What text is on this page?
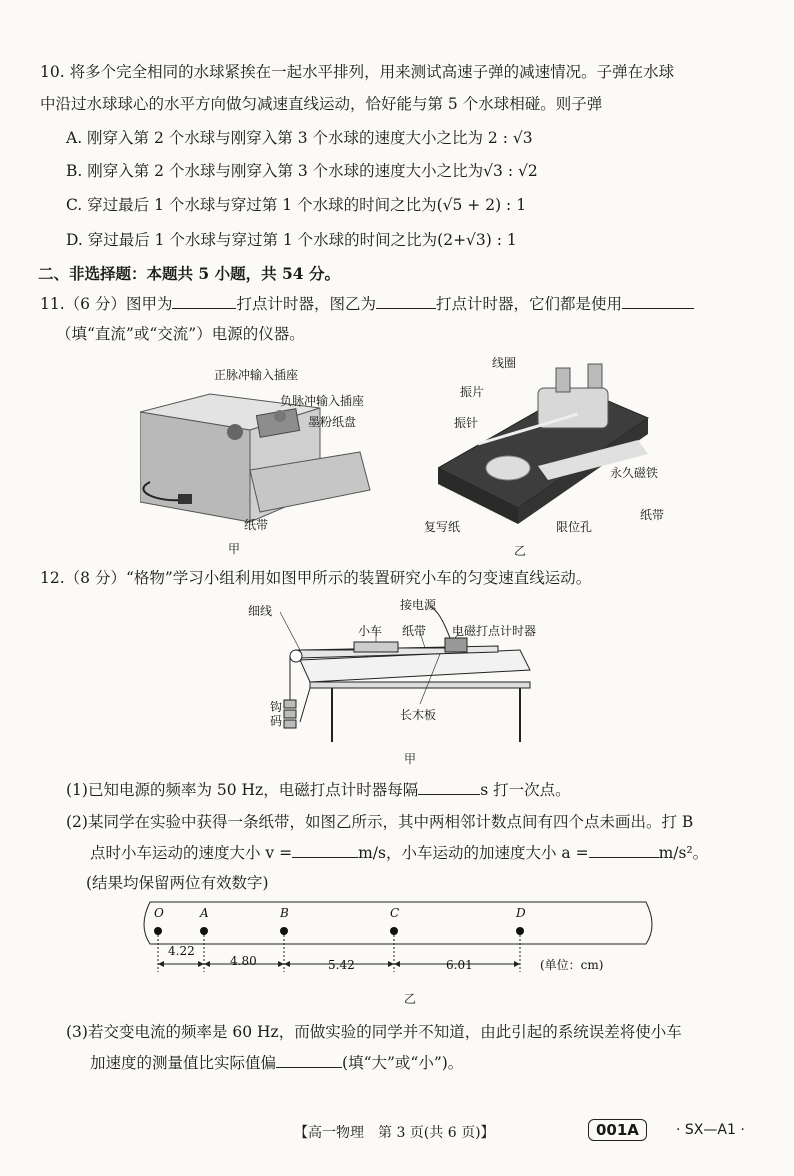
10. 将多个完全相同的水球紧挨在一起水平排列，用来测试高速子弹的减速情况。子弹在水球
中沿过水球球心的水平方向做匀减速直线运动，恰好能与第 5 个水球相碰。则子弹
A. 刚穿入第 2 个水球与刚穿入第 3 个水球的速度大小之比为 2 : √3
B. 刚穿入第 2 个水球与刚穿入第 3 个水球的速度大小之比为√3 : √2
C. 穿过最后 1 个水球与穿过第 1 个水球的时间之比为(√5 + 2) : 1
D. 穿过最后 1 个水球与穿过第 1 个水球的时间之比为(2+√3) : 1
二、非选择题：本题共 5 小题，共 54 分。
11.（6 分）图甲为	打点计时器，图乙为	打点计时器，它们都是使用
（填“直流”或“交流”）电源的仪器。
正脉冲输入插座
负脉冲输入插座
墨粉纸盘
纸带
甲
线圈
振片
振针
永久磁铁
复写纸	限位孔
纸带
乙
12.（8 分）“格物”学习小组利用如图甲所示的装置研究小车的匀变速直线运动。
接电源
细线
小车 纸带 电磁打点计时器
钩码	长木板
甲
(1)已知电源的频率为 50 Hz，电磁打点计时器每隔	s 打一次点。
(2)某同学在实验中获得一条纸带，如图乙所示，其中两相邻计数点间有四个点未画出。打 B
点时小车运动的速度大小 v =	m/s，小车运动的加速度大小 a =	m/s²。
(结果均保留两位有效数字)
O	A	B	C	D
4.22
4.80	5.42	6.01	(单位：cm)
乙
(3)若交变电流的频率是 60 Hz，而做实验的同学并不知道，由此引起的系统误差将使小车
加速度的测量值比实际值偏	(填“大”或“小”)。
【高一物理　第 3 页(共 6 页)】	001A	· SX—A1 ·
